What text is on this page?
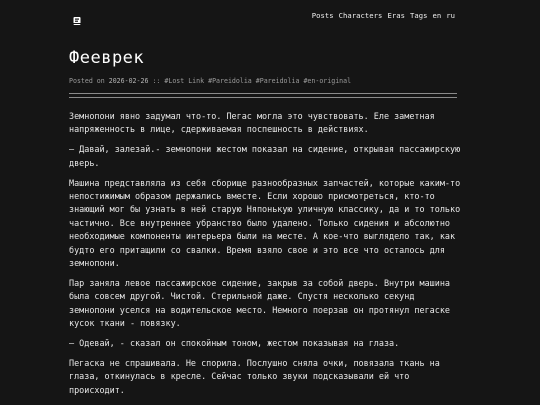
Posts Characters Eras Tags en ru
Фееврек
Posted on 2026-02-26 :: #Lost Link #Pareidolia #Pareidolia #en-original

Земнопони явно задумал что-то. Пегас могла это чувствовать. Еле заметная напряженность в лице, сдерживаемая поспешность в действиях.

— Давай, залезай.- земнопони жестом показал на сидение, открывая пассажирскую дверь.

Машина представляла из себя сборище разнообразных запчастей, которые каким-то непостижимым образом держались вместе. Если хорошо присмотреться, кто-то знающий мог бы узнать в ней старую Няпонькую уличную классику, да и то только частично. Все внутреннее убранство было удалено. Только сидения и абсолютно необходимые компоненты интерьера были на месте. А кое-что выглядело так, как будто его притащили со свалки. Время взяло свое и это все что осталось для земнопони.

Пар заняла левое пассажирское сидение, закрыв за собой дверь. Внутри машина была совсем другой. Чистой. Стерильной даже. Спустя несколько секунд земнопони уселся на водительское место. Немного поерзав он протянул пегаске кусок ткани - повязку.

— Одевай, - сказал он спокойным тоном, жестом показывая на глаза.

Пегаска не спрашивала. Не спорила. Послушно сняла очки, повязала ткань на глаза, откинулась в кресле. Сейчас только звуки подсказывали ей что происходит.
